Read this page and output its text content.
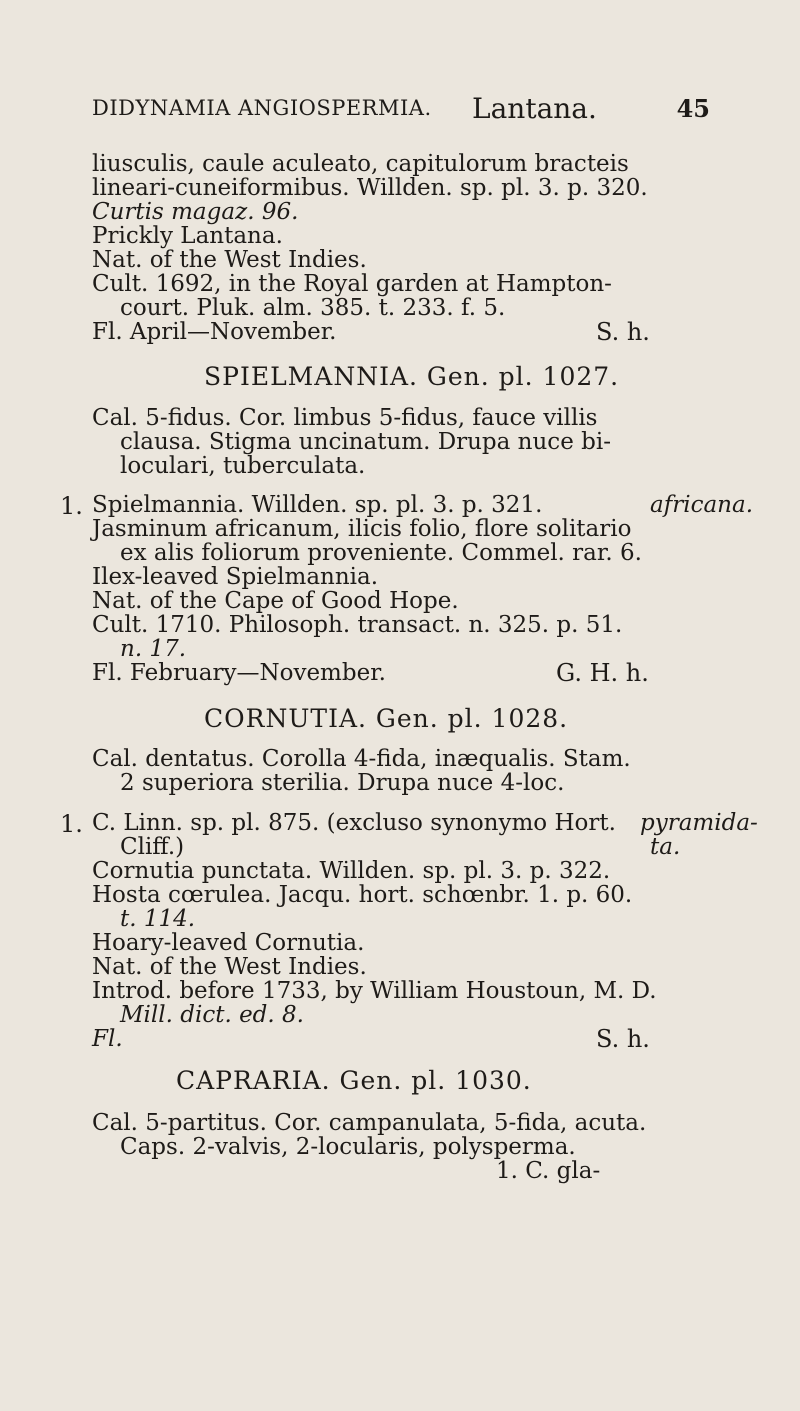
DIDYNAMIA ANGIOSPERMIA. Lantana.	45
liusculis, caule aculeato, capitulorum bracteis
lineari-cuneiformibus. Willden. sp. pl. 3. p. 320.
Curtis magaz. 96.
Prickly Lantana.
Nat. of the West Indies.
Cult. 1692, in the Royal garden at Hampton-
court. Pluk. alm. 385. t. 233. f. 5.
Fl. April—November.	S. h.
SPIELMANNIA. Gen. pl. 1027.
Cal. 5-fidus. Cor. limbus 5-fidus, fauce villis
clausa. Stigma uncinatum. Drupa nuce bi-
loculari, tuberculata.
1. Spielmannia. Willden. sp. pl. 3. p. 321.	africana.
Jasminum africanum, ilicis folio, flore solitario
ex alis foliorum proveniente. Commel. rar. 6.
Ilex-leaved Spielmannia.
Nat. of the Cape of Good Hope.
Cult. 1710. Philosoph. transact. n. 325. p. 51.
n. 17.
Fl. February—November.	G. H. h.
CORNUTIA. Gen. pl. 1028.
Cal. dentatus. Corolla 4-fida, inæqualis. Stam.
2 superiora sterilia. Drupa nuce 4-loc.
1. C. Linn. sp. pl. 875. (excluso synonymo Hort. pyramida-
Cliff.)	ta.
Cornutia punctata. Willden. sp. pl. 3. p. 322.
Hosta cœrulea. Jacqu. hort. schœnbr. 1. p. 60.
t. 114.
Hoary-leaved Cornutia.
Nat. of the West Indies.
Introd. before 1733, by William Houstoun, M. D.
Mill. dict. ed. 8.
Fl.	S. h.
CAPRARIA. Gen. pl. 1030.
Cal. 5-partitus. Cor. campanulata, 5-fida, acuta.
Caps. 2-valvis, 2-locularis, polysperma.
1. C. gla-
